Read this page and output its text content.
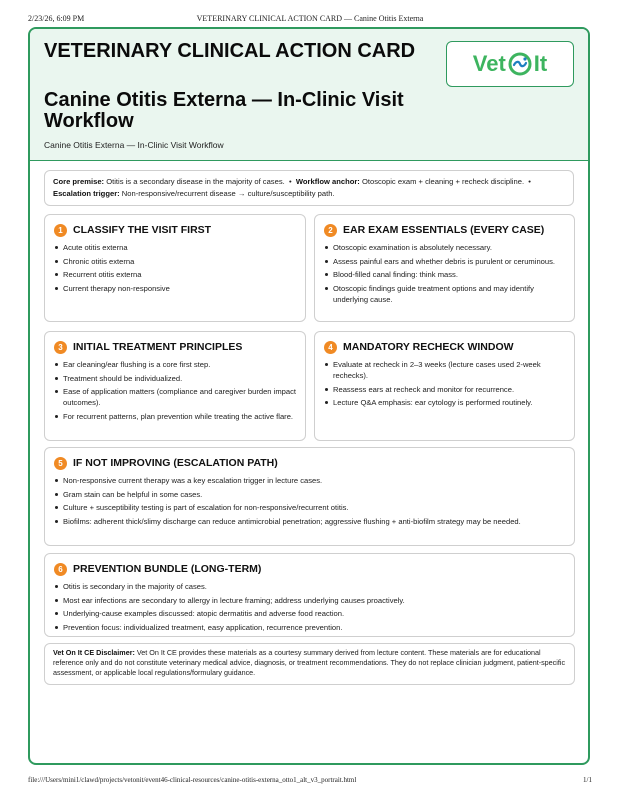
2/23/26, 6:09 PM	VETERINARY CLINICAL ACTION CARD — Canine Otitis Externa
VETERINARY CLINICAL ACTION CARD
Canine Otitis Externa — In-Clinic Visit Workflow
Canine Otitis Externa — In-Clinic Visit Workflow
Vet It
Core premise: Otitis is a secondary disease in the majority of cases.  •  Workflow anchor: Otoscopic exam + cleaning + recheck discipline.  •  Escalation trigger: Non-responsive/recurrent disease → culture/susceptibility path.
1 CLASSIFY THE VISIT FIRST
Acute otitis externa
Chronic otitis externa
Recurrent otitis externa
Current therapy non-responsive
2 EAR EXAM ESSENTIALS (EVERY CASE)
Otoscopic examination is absolutely necessary.
Assess painful ears and whether debris is purulent or ceruminous.
Blood-filled canal finding: think mass.
Otoscopic findings guide treatment options and may identify underlying cause.
3 INITIAL TREATMENT PRINCIPLES
Ear cleaning/ear flushing is a core first step.
Treatment should be individualized.
Ease of application matters (compliance and caregiver burden impact outcomes).
For recurrent patterns, plan prevention while treating the active flare.
4 MANDATORY RECHECK WINDOW
Evaluate at recheck in 2–3 weeks (lecture cases used 2-week rechecks).
Reassess ears at recheck and monitor for recurrence.
Lecture Q&A emphasis: ear cytology is performed routinely.
5 IF NOT IMPROVING (ESCALATION PATH)
Non-responsive current therapy was a key escalation trigger in lecture cases.
Gram stain can be helpful in some cases.
Culture + susceptibility testing is part of escalation for non-responsive/recurrent otitis.
Biofilms: adherent thick/slimy discharge can reduce antimicrobial penetration; aggressive flushing + anti-biofilm strategy may be needed.
6 PREVENTION BUNDLE (LONG-TERM)
Otitis is secondary in the majority of cases.
Most ear infections are secondary to allergy in lecture framing; address underlying causes proactively.
Underlying-cause examples discussed: atopic dermatitis and adverse food reaction.
Prevention focus: individualized treatment, easy application, recurrence prevention.
Vet On It CE Disclaimer: Vet On It CE provides these materials as a courtesy summary derived from lecture content. These materials are for educational reference only and do not constitute veterinary medical advice, diagnosis, or treatment recommendations. They do not replace clinician judgment, patient-specific assessment, or applicable local regulations/formulary guidance.
file:///Users/mini1/clawd/projects/vetonit/event46-clinical-resources/canine-otitis-externa_otto1_alt_v3_portrait.html	1/1
